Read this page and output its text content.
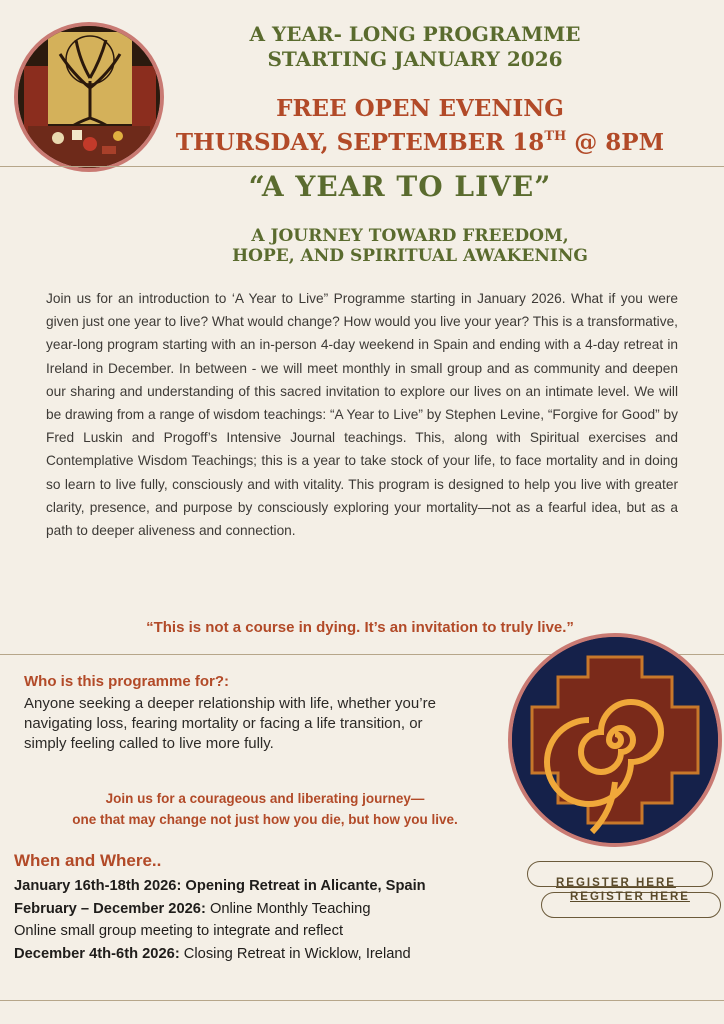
A YEAR- LONG PROGRAMME
STARTING JANUARY 2026
FREE OPEN EVENING
THURSDAY, SEPTEMBER 18TH @ 8PM
“A YEAR TO LIVE”
A JOURNEY TOWARD FREEDOM,
HOPE, AND SPIRITUAL AWAKENING
Join us for an introduction to ‘A Year to Live” Programme starting in January 2026. What if you were given just one year to live? What would change? How would you live your year? This is a transformative, year-long program starting with an in-person 4-day weekend in Spain and ending with a 4-day retreat in Ireland in December. In between - we will meet monthly in small group and as community and deepen our sharing and understanding of this sacred invitation to explore our lives on an intimate level. We will be drawing from a range of wisdom teachings: “A Year to Live” by Stephen Levine, “Forgive for Good” by Fred Luskin and Progoff’s Intensive Journal teachings. This, along with Spiritual exercises and Contemplative Wisdom Teachings; this is a year to take stock of your life, to face mortality and in doing so learn to live fully, consciously and with vitality. This program is designed to help you live with greater clarity, presence, and purpose by consciously exploring your mortality—not as a fearful idea, but as a path to deeper aliveness and connection.
“This is not a course in dying. It’s an invitation to truly live.”
Who is this programme for?:
Anyone seeking a deeper relationship with life, whether you’re navigating loss, fearing mortality or facing a life transition, or simply feeling called to live more fully.
Join us for a courageous and liberating journey—
one that may change not just how you die, but how you live.
When and Where..
January 16th-18th 2026: Opening Retreat in Alicante, Spain
February – December 2026: Online Monthly Teaching
Online small group meeting to integrate and reflect
December 4th-6th 2026: Closing Retreat in Wicklow, Ireland
REGISTER HERE
REGISTER HERE
